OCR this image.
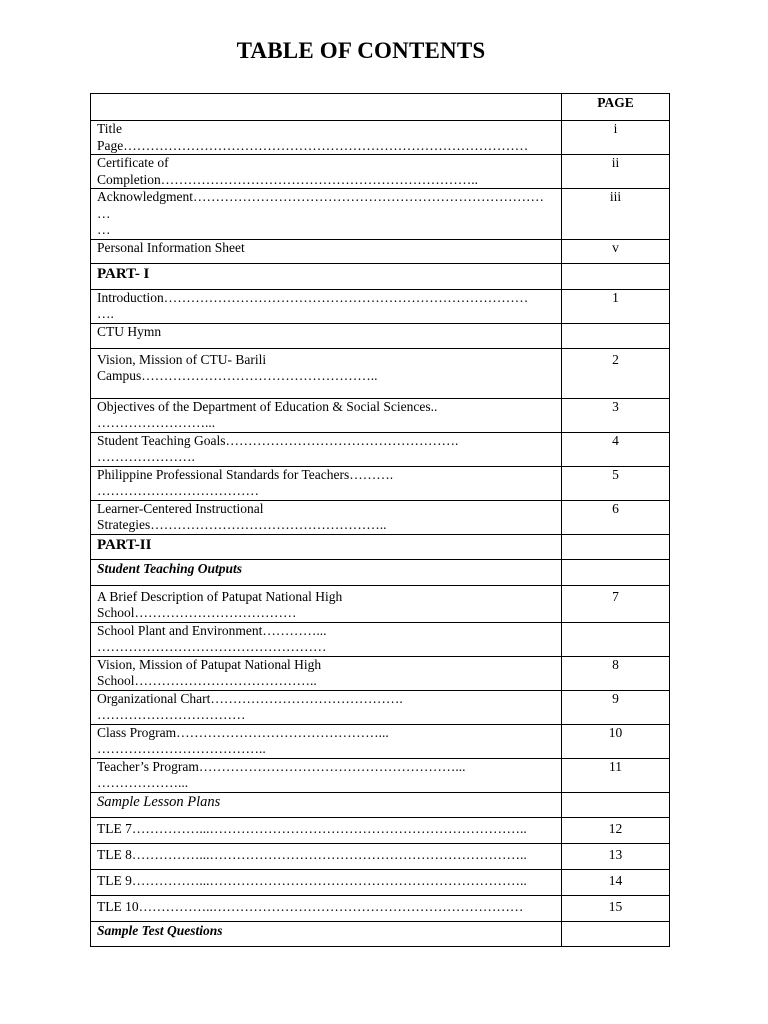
TABLE OF CONTENTS
	PAGE

Title
Page………………………………………………………………………………	i

Certificate of
Completion……………………………………………………………..	ii

Acknowledgment………………………………………………………………………
…	iii

Personal Information Sheet	v

PART- I	

Introduction………………………………………………………………………
….	1

CTU Hymn	

Vision, Mission of CTU- Barili
Campus……………………………………………..	2

Objectives of the Department of Education & Social Sciences..
……………………...	3

Student Teaching Goals…………………………………………….
………………….	4

Philippine Professional Standards for Teachers……….
………………………………	5

Learner-Centered Instructional
Strategies……………………………………………..	6

PART-II	

Student Teaching Outputs	

A Brief Description of Patupat National High
School………………………………	7

School Plant and Environment…………...
……………………………………………	

Vision, Mission of Patupat National High
School…………………………………..	8

Organizational Chart…………………………………….
……………………………	9

Class Program………………………………………...
………………………………..	10

Teacher’s Program…………………………………………………...
………………...	11

Sample Lesson Plans	

TLE 7……………...……………………………………………………………..	12

TLE 8……………...……………………………………………………………..	13

TLE 9……………...……………………………………………………………..	14

TLE 10……………..……………………………………………………………	15

Sample Test Questions	
